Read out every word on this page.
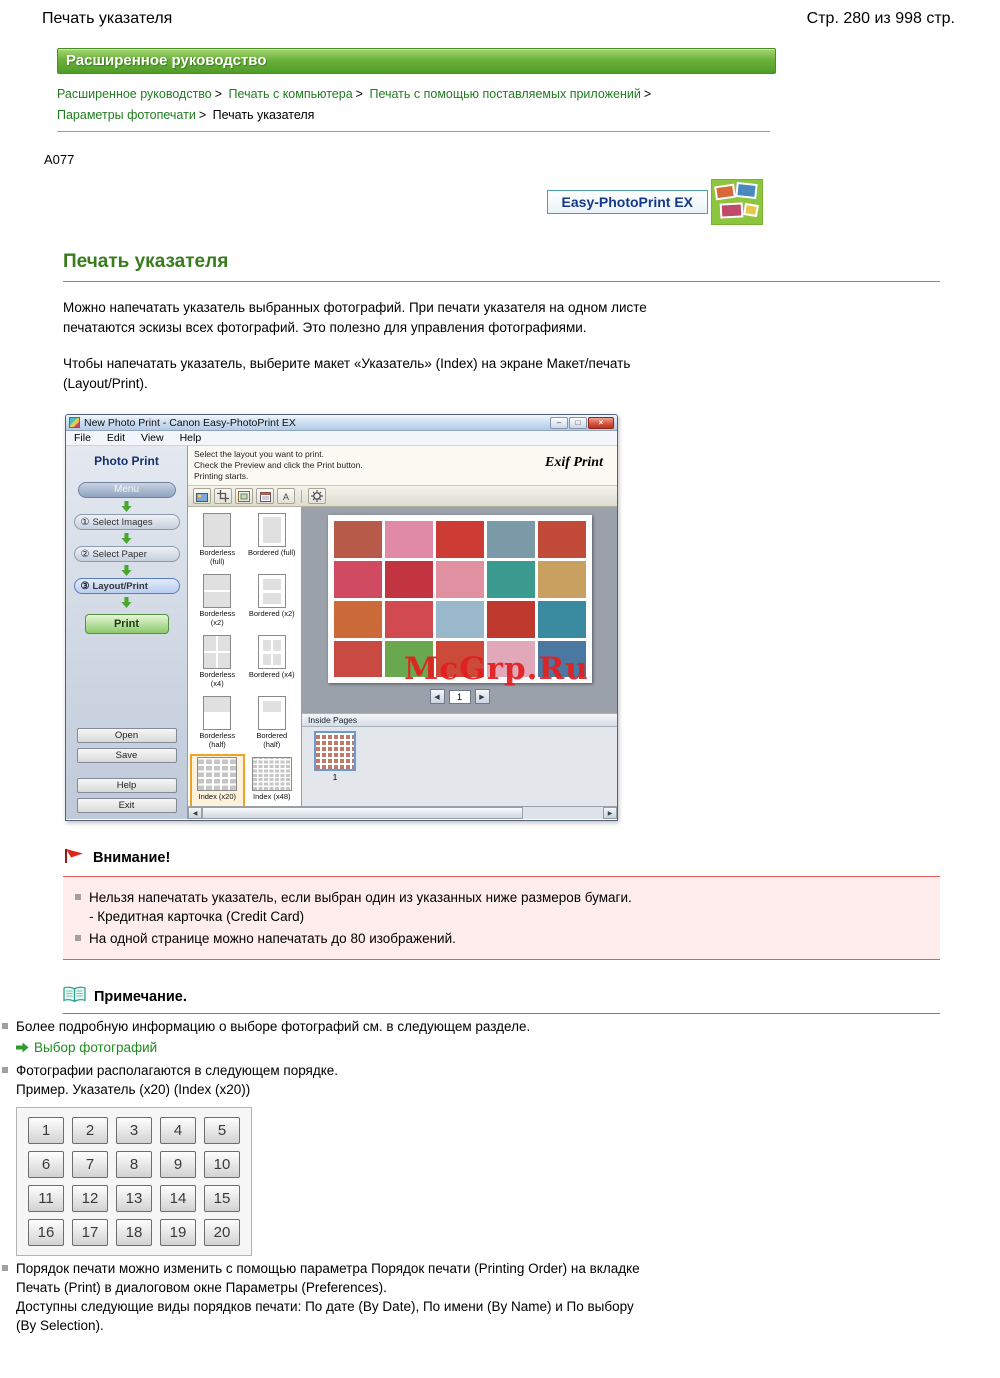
Печать указателя	Стр. 280 из 998 стр.
Расширенное руководство
Расширенное руководство > Печать с компьютера > Печать с помощью поставляемых приложений > Параметры фотопечати > Печать указателя
A077
Easy-PhotoPrint EX
Печать указателя
Можно напечатать указатель выбранных фотографий. При печати указателя на одном листе печатаются эскизы всех фотографий. Это полезно для управления фотографиями.
Чтобы напечатать указатель, выберите макет «Указатель» (Index) на экране Макет/печать (Layout/Print).
New Photo Print - Canon Easy-PhotoPrint EX	–	□	×
File	Edit	View	Help
Photo Print
Menu
① Select Images
② Select Paper
③ Layout/Print
Print
Open
Save
Help
Exit
Select the layout you want to print.
Check the Preview and click the Print button.
Printing starts.
Exif Print
A
Borderless (full)
Bordered (full)
Borderless (x2)
Bordered (x2)
Borderless (x4)
Bordered (x4)
Borderless (half)
Bordered (half)
Index (x20) Index (x48)
◀	1	▶
Inside Pages
1
◀	▶
McGrp.Ru
Внимание!
Нельзя напечатать указатель, если выбран один из указанных ниже размеров бумаги.
- Кредитная карточка (Credit Card)
На одной странице можно напечатать до 80 изображений.
Примечание.
Более подробную информацию о выборе фотографий см. в следующем разделе.

Выбор фотографий
Фотографии располагаются в следующем порядке.
Пример. Указатель (x20) (Index (x20))

1	2	3	4	5
6	7	8	9	10
11	12	13	14	15
16	17	18	19	20
Порядок печати можно изменить с помощью параметра Порядок печати (Printing Order) на вкладке Печать (Print) в диалоговом окне Параметры (Preferences).
Доступны следующие виды порядков печати: По дате (By Date), По имени (By Name) и По выбору (By Selection).
